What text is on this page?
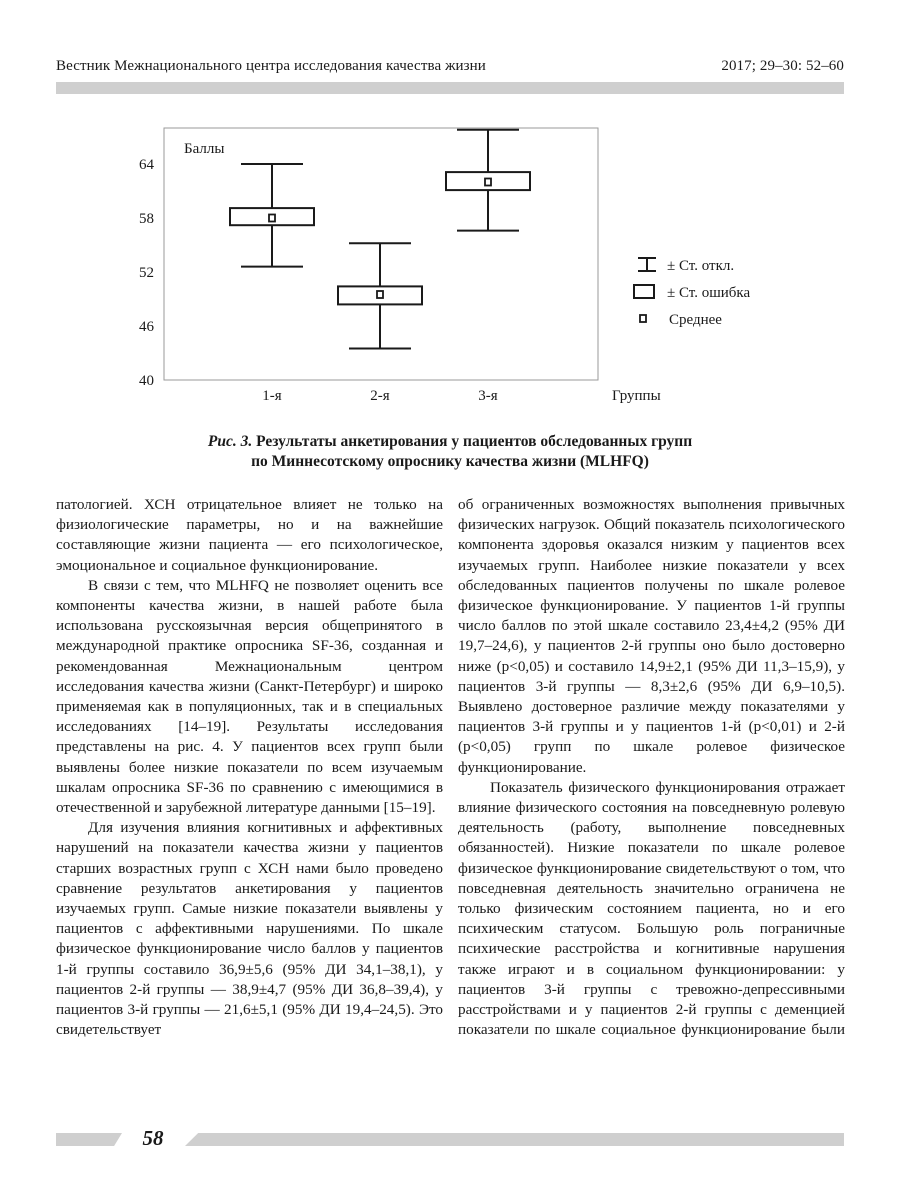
Вестник Межнационального центра исследования качества жизни	2017; 29–30: 52–60
Баллы
40
46
52
58
64
1-я	2-я	3-я	Группы
± Ст. откл.
± Ст. ошибка
Среднее
Рис. 3. Результаты анкетирования у пациентов обследованных групп
по Миннесотскому опроснику качества жизни (MLHFQ)

патологией. ХСН отрицательное влияет не только на физиологические параметры, но и на важнейшие составляющие жизни пациента — его психологическое, эмоциональное и социальное функционирование.

В связи с тем, что MLHFQ не позволяет оценить все компоненты качества жизни, в нашей работе была использована русскоязычная версия общепринятого в международной практике опросника SF-36, созданная и рекомендованная Межнациональным центром исследования качества жизни (Санкт-Петербург) и широко применяемая как в популяционных, так и в специальных исследованиях [14–19]. Результаты исследования представлены на рис. 4. У пациентов всех групп были выявлены более низкие показатели по всем изучаемым шкалам опросника SF-36 по сравнению с имеющимися в отечественной и зарубежной литературе данными [15–19].

Для изучения влияния когнитивных и аффективных нарушений на показатели качества жизни у пациентов старших возрастных групп с ХСН нами было проведено сравнение результатов анкетирования у пациентов изучаемых групп. Самые низкие показатели выявлены у пациентов с аффективными нарушениями. По шкале физическое функционирование число баллов у пациентов 1-й группы составило 36,9±5,6 (95% ДИ 34,1–38,1), у пациентов 2-й группы — 38,9±4,7 (95% ДИ 36,8–39,4), у пациентов 3-й группы — 21,6±5,1 (95% ДИ 19,4–24,5). Это свидетельствует

об ограниченных возможностях выполнения привычных физических нагрузок. Общий показатель психологического компонента здоровья оказался низким у пациентов всех изучаемых групп. Наиболее низкие показатели у всех обследованных пациентов получены по шкале ролевое физическое функционирование. У пациентов 1-й группы число баллов по этой шкале составило 23,4±4,2 (95% ДИ 19,7–24,6), у пациентов 2-й группы оно было достоверно ниже (p<0,05) и составило 14,9±2,1 (95% ДИ 11,3–15,9), у пациентов 3-й группы — 8,3±2,6 (95% ДИ 6,9–10,5). Выявлено достоверное различие между показателями у пациентов 3-й группы и у пациентов 1-й (p<0,01) и 2-й (p<0,05) групп по шкале ролевое физическое функционирование.

Показатель физического функционирования отражает влияние физического состояния на повседневную ролевую деятельность (работу, выполнение повседневных обязанностей). Низкие показатели по шкале ролевое физическое функционирование свидетельствуют о том, что повседневная деятельность значительно ограничена не только физическим состоянием пациента, но и его психическим статусом. Большую роль пограничные психические расстройства и когнитивные нарушения также играют и в социальном функционировании: у пациентов 3-й группы с тревожно-депрессивными расстройствами и у пациентов 2-й группы с деменцией показатели по шкале социальное функционирование были

58
